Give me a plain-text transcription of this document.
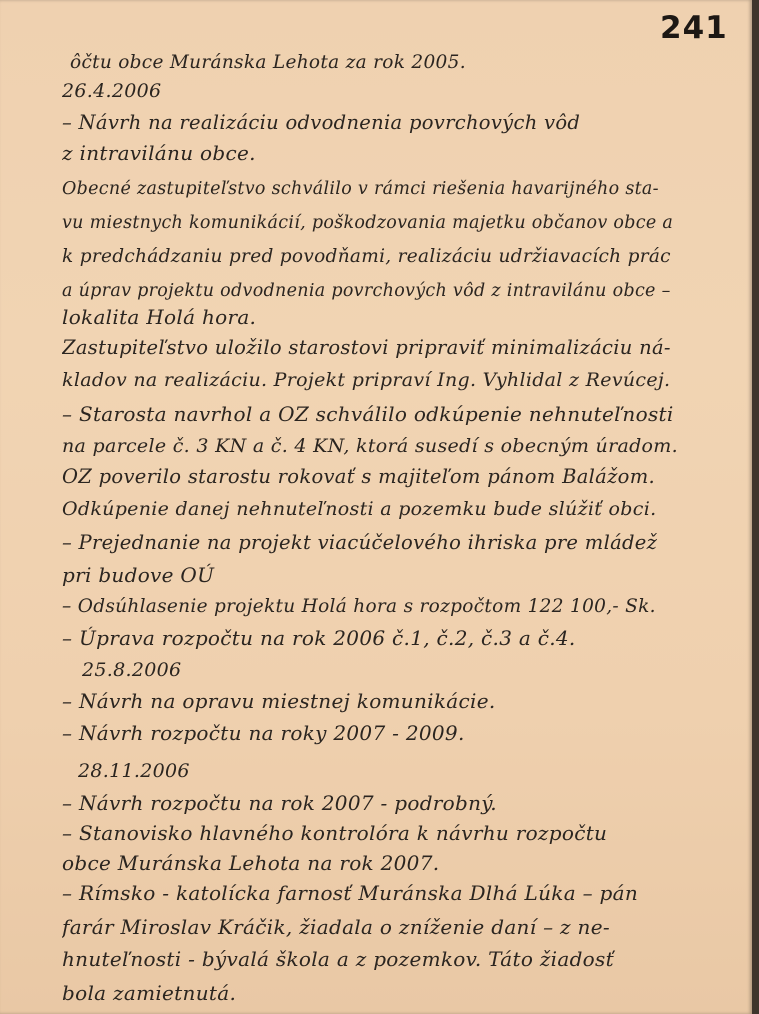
241
ôčtu obce Muránska Lehota za rok 2005.
26.4.2006
– Návrh na realizáciu odvodnenia povrchových vôd
z intravilánu obce.
Obecné zastupiteľstvo schválilo v rámci riešenia havarijného sta-
vu miestnych komunikácií, poškodzovania majetku občanov obce a
k predchádzaniu pred povodňami, realizáciu udržiavacích prác
a úprav projektu odvodnenia povrchových vôd z intravilánu obce –
lokalita Holá hora.
Zastupiteľstvo uložilo starostovi pripraviť minimalizáciu ná-
kladov na realizáciu. Projekt pripraví Ing. Vyhlidal z Revúcej.
– Starosta navrhol a OZ schválilo odkúpenie nehnuteľnosti
na parcele č. 3 KN a č. 4 KN, ktorá susedí s obecným úradom.
OZ poverilo starostu rokovať s majiteľom pánom Balážom.
Odkúpenie danej nehnuteľnosti a pozemku bude slúžiť obci.
– Prejednanie na projekt viacúčelového ihriska pre mládež
pri budove OÚ
– Odsúhlasenie projektu Holá hora s rozpočtom 122 100,- Sk.
– Úprava rozpočtu na rok 2006 č.1, č.2, č.3 a č.4.
25.8.2006
– Návrh na opravu miestnej komunikácie.
– Návrh rozpočtu na roky 2007 - 2009.
28.11.2006
– Návrh rozpočtu na rok 2007 - podrobný.
– Stanovisko hlavného kontrolóra k návrhu rozpočtu
obce Muránska Lehota na rok 2007.
– Rímsko - katolícka farnosť Muránska Dlhá Lúka – pán
farár Miroslav Kráčik, žiadala o zníženie daní – z ne-
hnuteľnosti - bývalá škola a z pozemkov. Táto žiadosť
bola zamietnutá.
